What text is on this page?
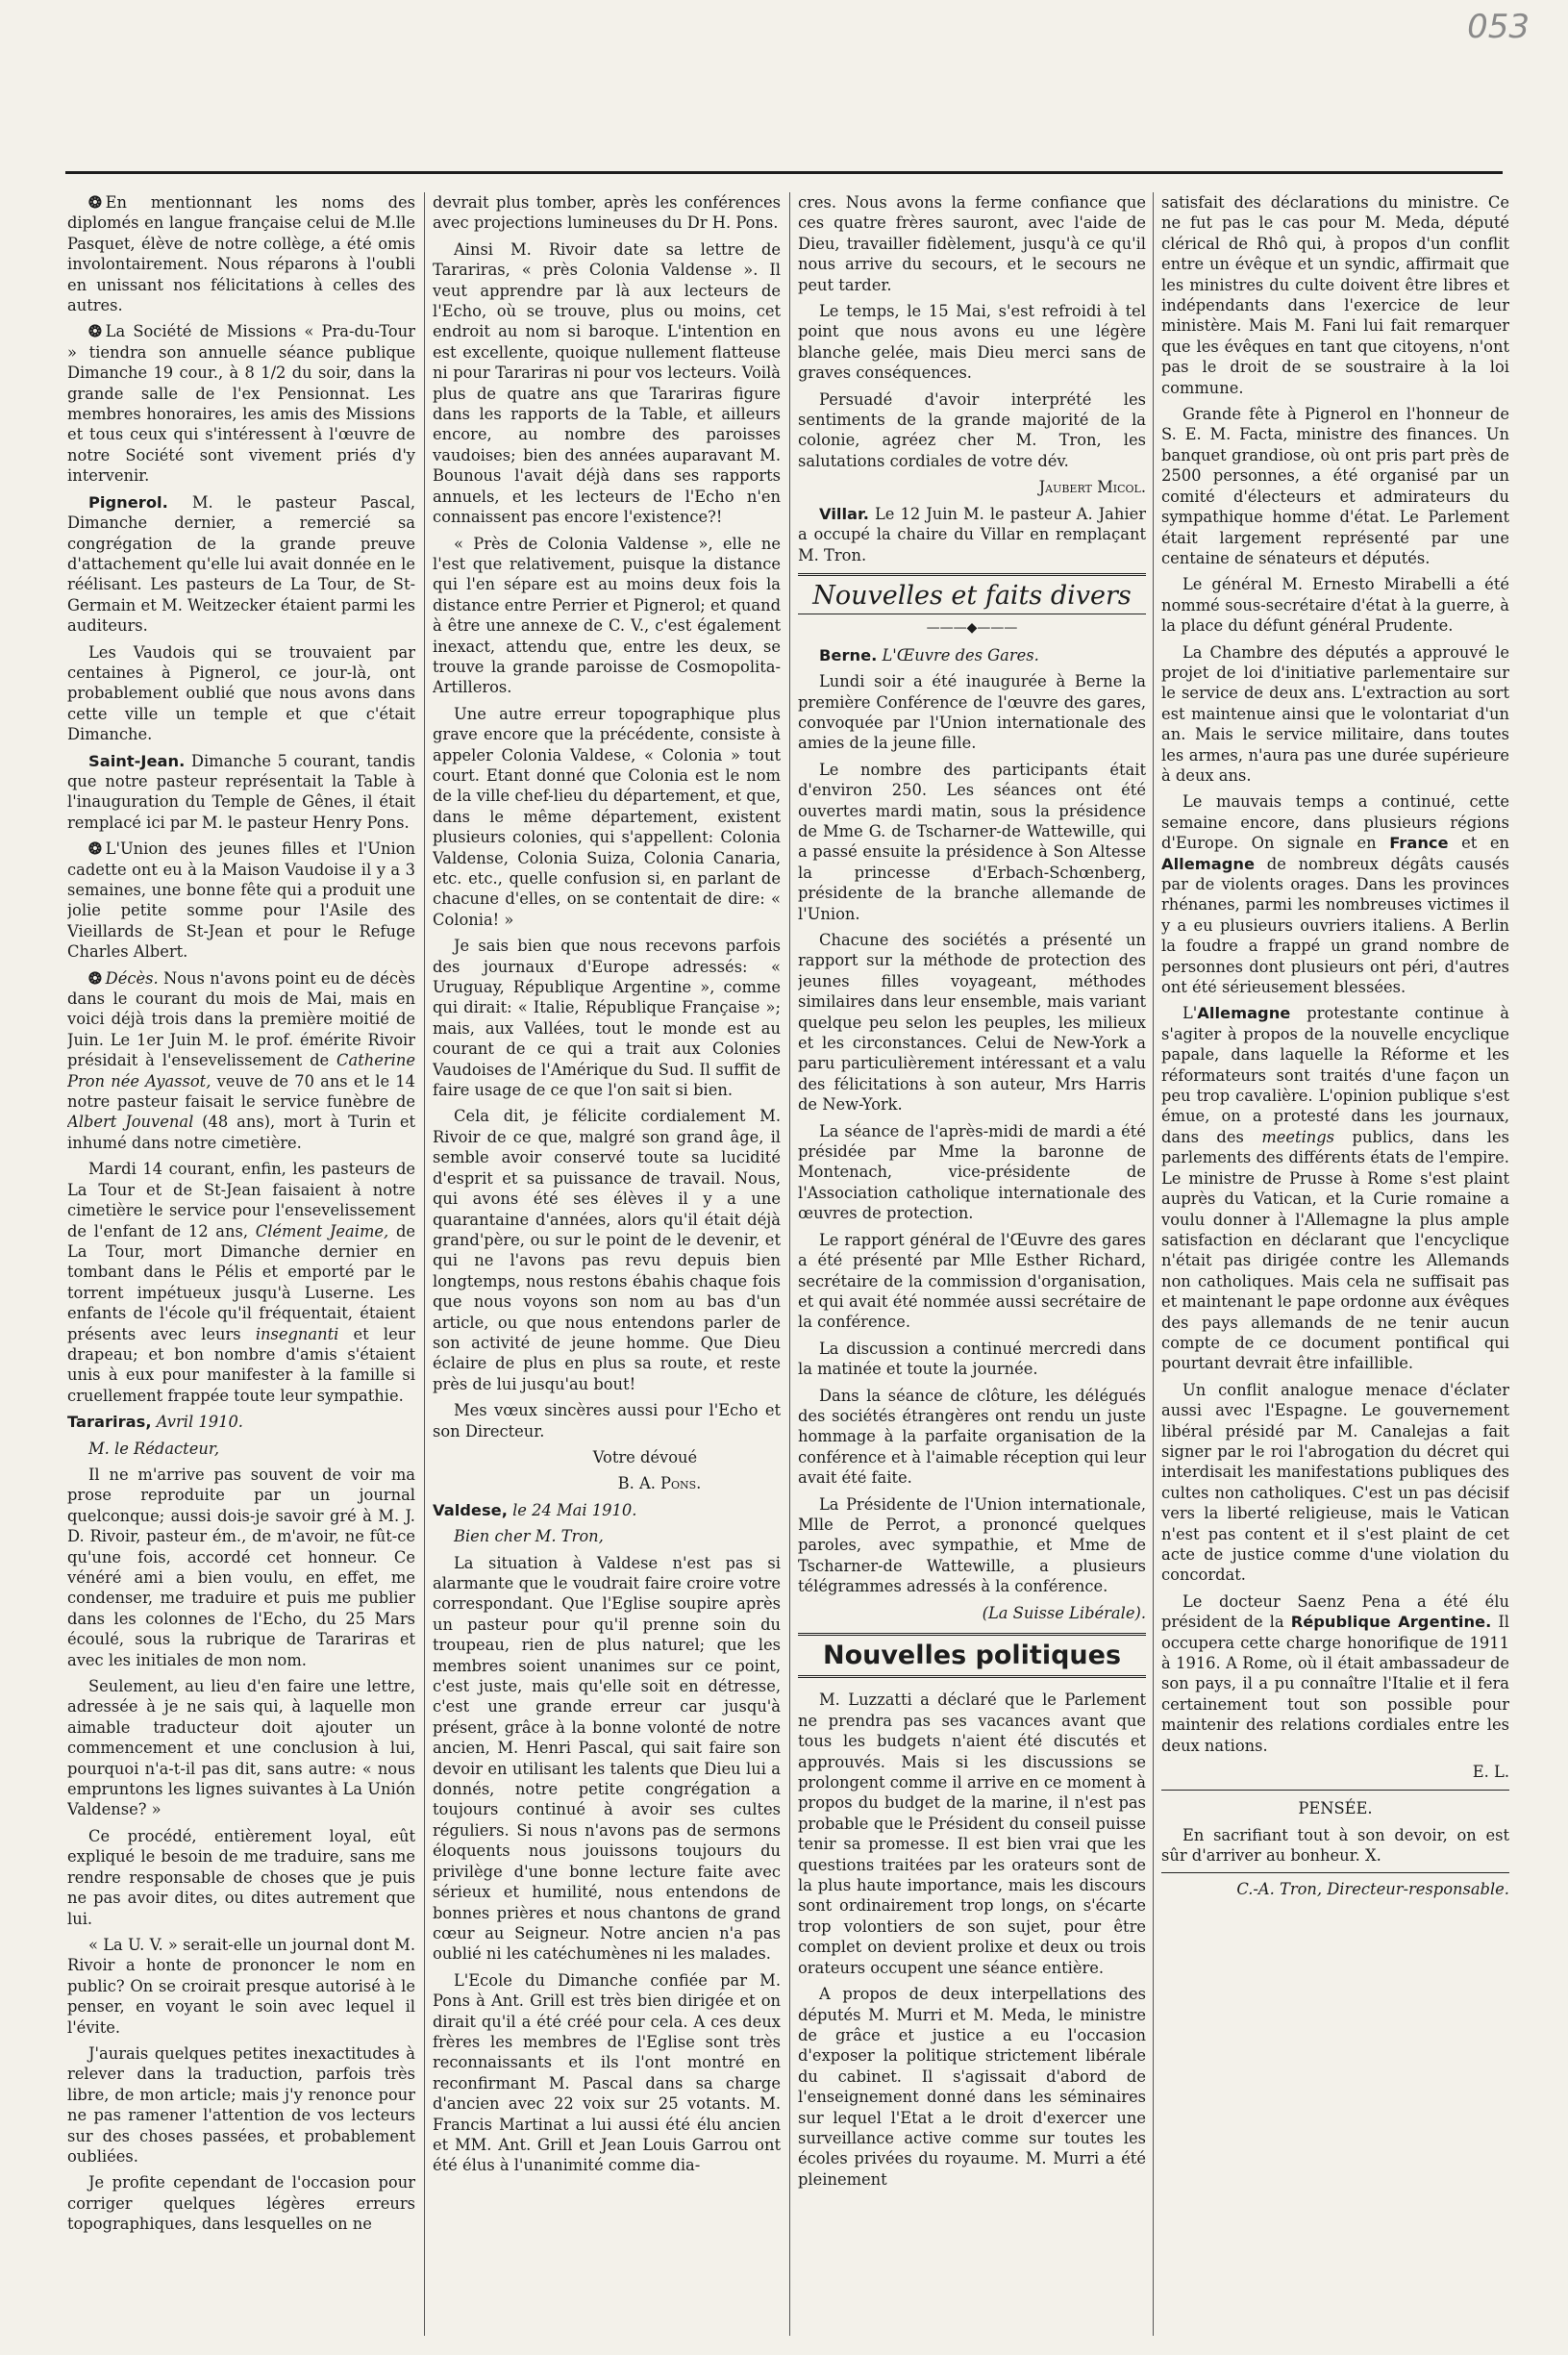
053

❂ En mentionnant les noms des diplomés en langue française celui de M.lle Pasquet, élève de notre collège, a été omis involontairement. Nous réparons à l'oubli en unissant nos félicitations à celles des autres.

❂ La Société de Missions « Pra-du-Tour » tiendra son annuelle séance publique Dimanche 19 cour., à 8 1/2 du soir, dans la grande salle de l'ex Pensionnat. Les membres honoraires, les amis des Missions et tous ceux qui s'intéressent à l'œuvre de notre Société sont vivement priés d'y intervenir.

Pignerol. M. le pasteur Pascal, Dimanche dernier, a remercié sa congrégation de la grande preuve d'attachement qu'elle lui avait donnée en le réélisant. Les pasteurs de La Tour, de St-Germain et M. Weitzecker étaient parmi les auditeurs.

Les Vaudois qui se trouvaient par centaines à Pignerol, ce jour-là, ont probablement oublié que nous avons dans cette ville un temple et que c'était Dimanche.

Saint-Jean. Dimanche 5 courant, tandis que notre pasteur représentait la Table à l'inauguration du Temple de Gênes, il était remplacé ici par M. le pasteur Henry Pons.

❂ L'Union des jeunes filles et l'Union cadette ont eu à la Maison Vaudoise il y a 3 semaines, une bonne fête qui a produit une jolie petite somme pour l'Asile des Vieillards de St-Jean et pour le Refuge Charles Albert.

❂ Décès. Nous n'avons point eu de décès dans le courant du mois de Mai, mais en voici déjà trois dans la première moitié de Juin. Le 1er Juin M. le prof. émérite Rivoir présidait à l'ensevelissement de Catherine Pron née Ayassot, veuve de 70 ans et le 14 notre pasteur faisait le service funèbre de Albert Jouvenal (48 ans), mort à Turin et inhumé dans notre cimetière.

Mardi 14 courant, enfin, les pasteurs de La Tour et de St-Jean faisaient à notre cimetière le service pour l'ensevelissement de l'enfant de 12 ans, Clément Jeaime, de La Tour, mort Dimanche dernier en tombant dans le Pélis et emporté par le torrent impétueux jusqu'à Luserne. Les enfants de l'école qu'il fréquentait, étaient présents avec leurs insegnanti et leur drapeau; et bon nombre d'amis s'étaient unis à eux pour manifester à la famille si cruellement frappée toute leur sympathie.

Tarariras, Avril 1910.

M. le Rédacteur,

Il ne m'arrive pas souvent de voir ma prose reproduite par un journal quelconque; aussi dois-je savoir gré à M. J. D. Rivoir, pasteur ém., de m'avoir, ne fût-ce qu'une fois, accordé cet honneur. Ce vénéré ami a bien voulu, en effet, me condenser, me traduire et puis me publier dans les colonnes de l'Echo, du 25 Mars écoulé, sous la rubrique de Tarariras et avec les initiales de mon nom.

Seulement, au lieu d'en faire une lettre, adressée à je ne sais qui, à laquelle mon aimable traducteur doit ajouter un commencement et une conclusion à lui, pourquoi n'a-t-il pas dit, sans autre: « nous empruntons les lignes suivantes à La Unión Valdense? »

Ce procédé, entièrement loyal, eût expliqué le besoin de me traduire, sans me rendre responsable de choses que je puis ne pas avoir dites, ou dites autrement que lui.

« La U. V. » serait-elle un journal dont M. Rivoir a honte de prononcer le nom en public? On se croirait presque autorisé à le penser, en voyant le soin avec lequel il l'évite.

J'aurais quelques petites inexactitudes à relever dans la traduction, parfois très libre, de mon article; mais j'y renonce pour ne pas ramener l'attention de vos lecteurs sur des choses passées, et probablement oubliées.

Je profite cependant de l'occasion pour corriger quelques légères erreurs topographiques, dans lesquelles on ne

devrait plus tomber, après les conférences avec projections lumineuses du Dr H. Pons.

Ainsi M. Rivoir date sa lettre de Tarariras, « près Colonia Valdense ». Il veut apprendre par là aux lecteurs de l'Echo, où se trouve, plus ou moins, cet endroit au nom si baroque. L'intention en est excellente, quoique nullement flatteuse ni pour Tarariras ni pour vos lecteurs. Voilà plus de quatre ans que Tarariras figure dans les rapports de la Table, et ailleurs encore, au nombre des paroisses vaudoises; bien des années auparavant M. Bounous l'avait déjà dans ses rapports annuels, et les lecteurs de l'Echo n'en connaissent pas encore l'existence?!

« Près de Colonia Valdense », elle ne l'est que relativement, puisque la distance qui l'en sépare est au moins deux fois la distance entre Perrier et Pignerol; et quand à être une annexe de C. V., c'est également inexact, attendu que, entre les deux, se trouve la grande paroisse de Cosmopolita-Artilleros.

Une autre erreur topographique plus grave encore que la précédente, consiste à appeler Colonia Valdese, « Colonia » tout court. Etant donné que Colonia est le nom de la ville chef-lieu du département, et que, dans le même département, existent plusieurs colonies, qui s'appellent: Colonia Valdense, Colonia Suiza, Colonia Canaria, etc. etc., quelle confusion si, en parlant de chacune d'elles, on se contentait de dire: « Colonia! »

Je sais bien que nous recevons parfois des journaux d'Europe adressés: « Uruguay, République Argentine », comme qui dirait: « Italie, République Française »; mais, aux Vallées, tout le monde est au courant de ce qui a trait aux Colonies Vaudoises de l'Amérique du Sud. Il suffit de faire usage de ce que l'on sait si bien.

Cela dit, je félicite cordialement M. Rivoir de ce que, malgré son grand âge, il semble avoir conservé toute sa lucidité d'esprit et sa puissance de travail. Nous, qui avons été ses élèves il y a une quarantaine d'années, alors qu'il était déjà grand'père, ou sur le point de le devenir, et qui ne l'avons pas revu depuis bien longtemps, nous restons ébahis chaque fois que nous voyons son nom au bas d'un article, ou que nous entendons parler de son activité de jeune homme. Que Dieu éclaire de plus en plus sa route, et reste près de lui jusqu'au bout!

Mes vœux sincères aussi pour l'Echo et son Directeur.

Votre dévoué

B. A. Pons.

Valdese, le 24 Mai 1910.

Bien cher M. Tron,

La situation à Valdese n'est pas si alarmante que le voudrait faire croire votre correspondant. Que l'Eglise soupire après un pasteur pour qu'il prenne soin du troupeau, rien de plus naturel; que les membres soient unanimes sur ce point, c'est juste, mais qu'elle soit en détresse, c'est une grande erreur car jusqu'à présent, grâce à la bonne volonté de notre ancien, M. Henri Pascal, qui sait faire son devoir en utilisant les talents que Dieu lui a donnés, notre petite congrégation a toujours continué à avoir ses cultes réguliers. Si nous n'avons pas de sermons éloquents nous jouissons toujours du privilège d'une bonne lecture faite avec sérieux et humilité, nous entendons de bonnes prières et nous chantons de grand cœur au Seigneur. Notre ancien n'a pas oublié ni les catéchumènes ni les malades.

L'Ecole du Dimanche confiée par M. Pons à Ant. Grill est très bien dirigée et on dirait qu'il a été créé pour cela. A ces deux frères les membres de l'Eglise sont très reconnaissants et ils l'ont montré en reconfirmant M. Pascal dans sa charge d'ancien avec 22 voix sur 25 votants. M. Francis Martinat a lui aussi été élu ancien et MM. Ant. Grill et Jean Louis Garrou ont été élus à l'unanimité comme dia-

cres. Nous avons la ferme confiance que ces quatre frères sauront, avec l'aide de Dieu, travailler fidèlement, jusqu'à ce qu'il nous arrive du secours, et le secours ne peut tarder.

Le temps, le 15 Mai, s'est refroidi à tel point que nous avons eu une légère blanche gelée, mais Dieu merci sans de graves conséquences.

Persuadé d'avoir interprété les sentiments de la grande majorité de la colonie, agréez cher M. Tron, les salutations cordiales de votre dév.

Jaubert Micol.

Villar. Le 12 Juin M. le pasteur A. Jahier a occupé la chaire du Villar en remplaçant M. Tron.

Nouvelles et faits divers
———◆———

Berne. L'Œuvre des Gares.

Lundi soir a été inaugurée à Berne la première Conférence de l'œuvre des gares, convoquée par l'Union internationale des amies de la jeune fille.

Le nombre des participants était d'environ 250. Les séances ont été ouvertes mardi matin, sous la présidence de Mme G. de Tscharner-de Wattewille, qui a passé ensuite la présidence à Son Altesse la princesse d'Erbach-Schœnberg, présidente de la branche allemande de l'Union.

Chacune des sociétés a présenté un rapport sur la méthode de protection des jeunes filles voyageant, méthodes similaires dans leur ensemble, mais variant quelque peu selon les peuples, les milieux et les circonstances. Celui de New-York a paru particulièrement intéressant et a valu des félicitations à son auteur, Mrs Harris de New-York.

La séance de l'après-midi de mardi a été présidée par Mme la baronne de Montenach, vice-présidente de l'Association catholique internationale des œuvres de protection.

Le rapport général de l'Œuvre des gares a été présenté par Mlle Esther Richard, secrétaire de la commission d'organisation, et qui avait été nommée aussi secrétaire de la conférence.

La discussion a continué mercredi dans la matinée et toute la journée.

Dans la séance de clôture, les délégués des sociétés étrangères ont rendu un juste hommage à la parfaite organisation de la conférence et à l'aimable réception qui leur avait été faite.

La Présidente de l'Union internationale, Mlle de Perrot, a prononcé quelques paroles, avec sympathie, et Mme de Tscharner-de Wattewille, a plusieurs télégrammes adressés à la conférence.

(La Suisse Libérale).

Nouvelles politiques

M. Luzzatti a déclaré que le Parlement ne prendra pas ses vacances avant que tous les budgets n'aient été discutés et approuvés. Mais si les discussions se prolongent comme il arrive en ce moment à propos du budget de la marine, il n'est pas probable que le Président du conseil puisse tenir sa promesse. Il est bien vrai que les questions traitées par les orateurs sont de la plus haute importance, mais les discours sont ordinairement trop longs, on s'écarte trop volontiers de son sujet, pour être complet on devient prolixe et deux ou trois orateurs occupent une séance entière.

A propos de deux interpellations des députés M. Murri et M. Meda, le ministre de grâce et justice a eu l'occasion d'exposer la politique strictement libérale du cabinet. Il s'agissait d'abord de l'enseignement donné dans les séminaires sur lequel l'Etat a le droit d'exercer une surveillance active comme sur toutes les écoles privées du royaume. M. Murri a été pleinement

satisfait des déclarations du ministre. Ce ne fut pas le cas pour M. Meda, député clérical de Rhô qui, à propos d'un conflit entre un évêque et un syndic, affirmait que les ministres du culte doivent être libres et indépendants dans l'exercice de leur ministère. Mais M. Fani lui fait remarquer que les évêques en tant que citoyens, n'ont pas le droit de se soustraire à la loi commune.

Grande fête à Pignerol en l'honneur de S. E. M. Facta, ministre des finances. Un banquet grandiose, où ont pris part près de 2500 personnes, a été organisé par un comité d'électeurs et admirateurs du sympathique homme d'état. Le Parlement était largement représenté par une centaine de sénateurs et députés.

Le général M. Ernesto Mirabelli a été nommé sous-secrétaire d'état à la guerre, à la place du défunt général Prudente.

La Chambre des députés a approuvé le projet de loi d'initiative parlementaire sur le service de deux ans. L'extraction au sort est maintenue ainsi que le volontariat d'un an. Mais le service militaire, dans toutes les armes, n'aura pas une durée supérieure à deux ans.

Le mauvais temps a continué, cette semaine encore, dans plusieurs régions d'Europe. On signale en France et en Allemagne de nombreux dégâts causés par de violents orages. Dans les provinces rhénanes, parmi les nombreuses victimes il y a eu plusieurs ouvriers italiens. A Berlin la foudre a frappé un grand nombre de personnes dont plusieurs ont péri, d'autres ont été sérieusement blessées.

L'Allemagne protestante continue à s'agiter à propos de la nouvelle encyclique papale, dans laquelle la Réforme et les réformateurs sont traités d'une façon un peu trop cavalière. L'opinion publique s'est émue, on a protesté dans les journaux, dans des meetings publics, dans les parlements des différents états de l'empire. Le ministre de Prusse à Rome s'est plaint auprès du Vatican, et la Curie romaine a voulu donner à l'Allemagne la plus ample satisfaction en déclarant que l'encyclique n'était pas dirigée contre les Allemands non catholiques. Mais cela ne suffisait pas et maintenant le pape ordonne aux évêques des pays allemands de ne tenir aucun compte de ce document pontifical qui pourtant devrait être infaillible.

Un conflit analogue menace d'éclater aussi avec l'Espagne. Le gouvernement libéral présidé par M. Canalejas a fait signer par le roi l'abrogation du décret qui interdisait les manifestations publiques des cultes non catholiques. C'est un pas décisif vers la liberté religieuse, mais le Vatican n'est pas content et il s'est plaint de cet acte de justice comme d'une violation du concordat.

Le docteur Saenz Pena a été élu président de la République Argentine. Il occupera cette charge honorifique de 1911 à 1916. A Rome, où il était ambassadeur de son pays, il a pu connaître l'Italie et il fera certainement tout son possible pour maintenir des relations cordiales entre les deux nations.

E. L.

PENSÉE.

En sacrifiant tout à son devoir, on est sûr d'arriver au bonheur. X.

C.-A. Tron, Directeur-responsable.
